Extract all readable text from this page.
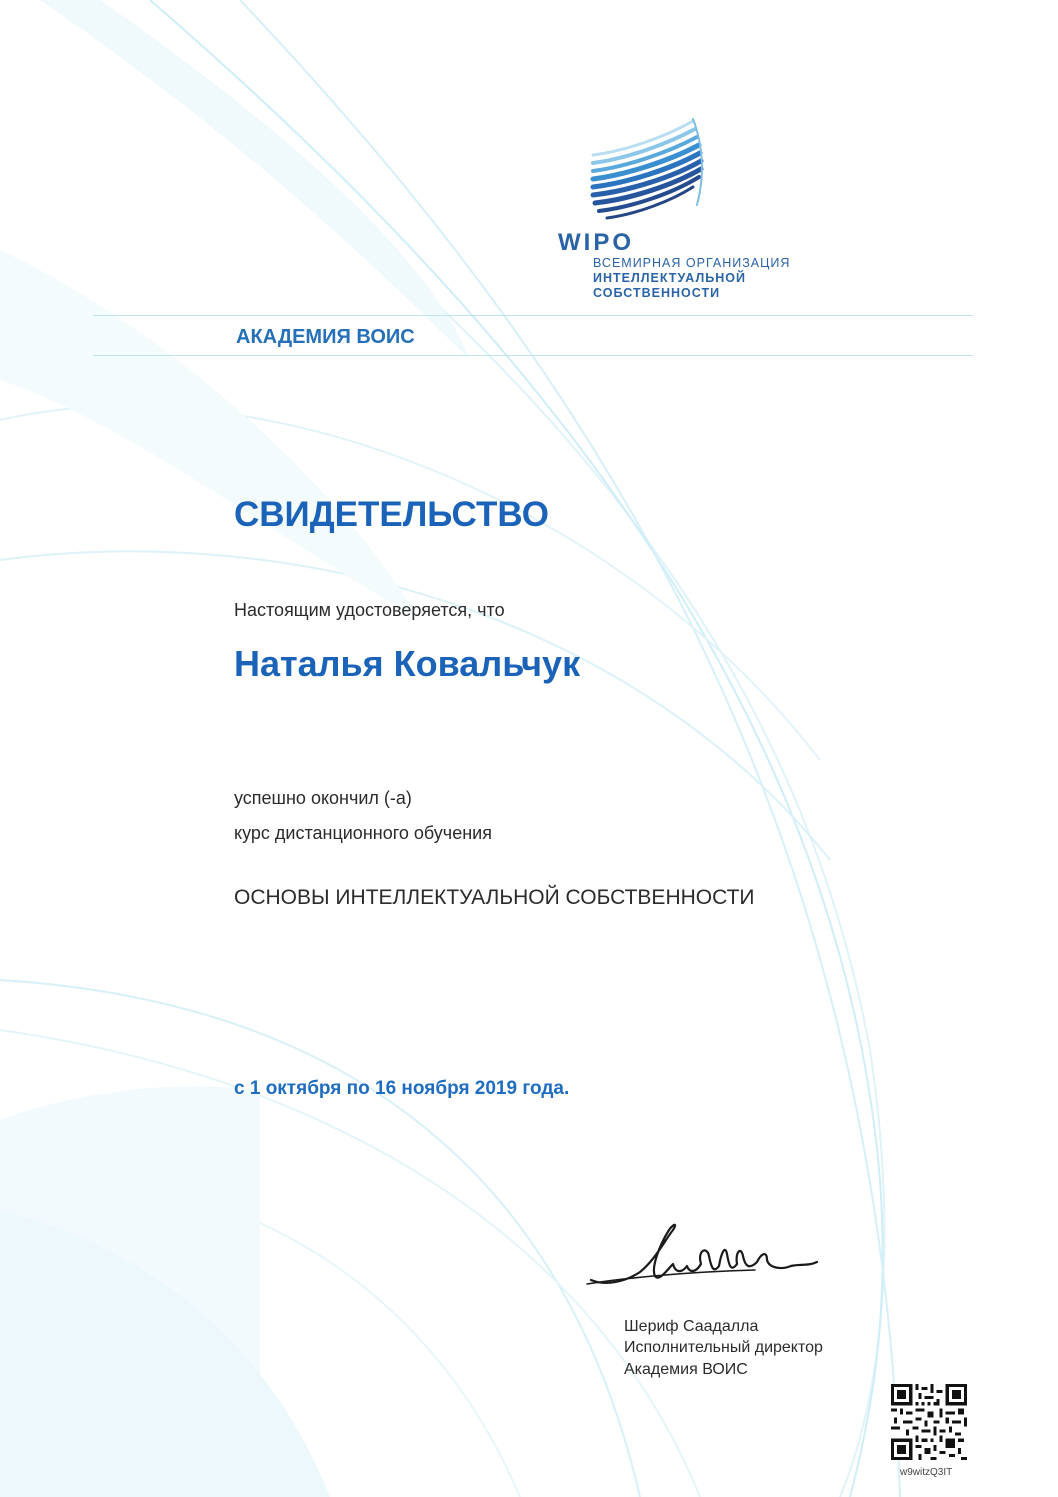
WIPO
ВСЕМИРНАЯ ОРГАНИЗАЦИЯ
ИНТЕЛЛЕКТУАЛЬНОЙ
СОБСТВЕННОСТИ
АКАДЕМИЯ ВОИС
СВИДЕТЕЛЬСТВО
Настоящим удостоверяется, что
Наталья Ковальчук
успешно окончил (-а)
курс дистанционного обучения
ОСНОВЫ ИНТЕЛЛЕКТУАЛЬНОЙ СОБСТВЕННОСТИ
с 1 октября по 16 ноября 2019 года.
Шериф Саадалла
Исполнительный директор
Академия ВОИС
w9witzQ3IT
